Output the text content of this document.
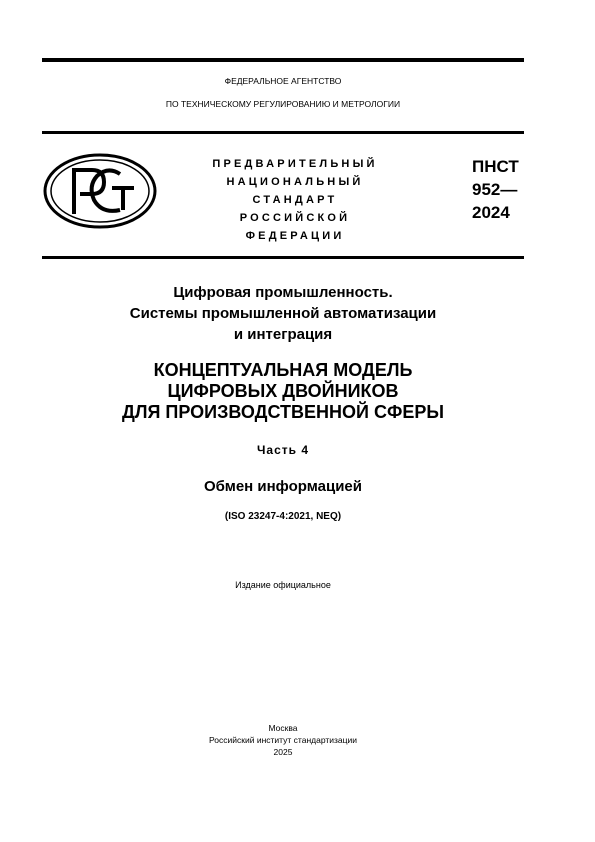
ФЕДЕРАЛЬНОЕ АГЕНТСТВО
ПО ТЕХНИЧЕСКОМУ РЕГУЛИРОВАНИЮ И МЕТРОЛОГИИ
ПРЕДВАРИТЕЛЬНЫЙ
НАЦИОНАЛЬНЫЙ
СТАНДАРТ
РОССИЙСКОЙ
ФЕДЕРАЦИИ
ПНСТ
952—
2024
Цифровая промышленность.
Системы промышленной автоматизации
и интеграция
КОНЦЕПТУАЛЬНАЯ МОДЕЛЬ
ЦИФРОВЫХ ДВОЙНИКОВ
ДЛЯ ПРОИЗВОДСТВЕННОЙ СФЕРЫ
Часть 4
Обмен информацией
(ISO 23247-4:2021, NEQ)
Издание официальное
Москва
Российский институт стандартизации
2025
